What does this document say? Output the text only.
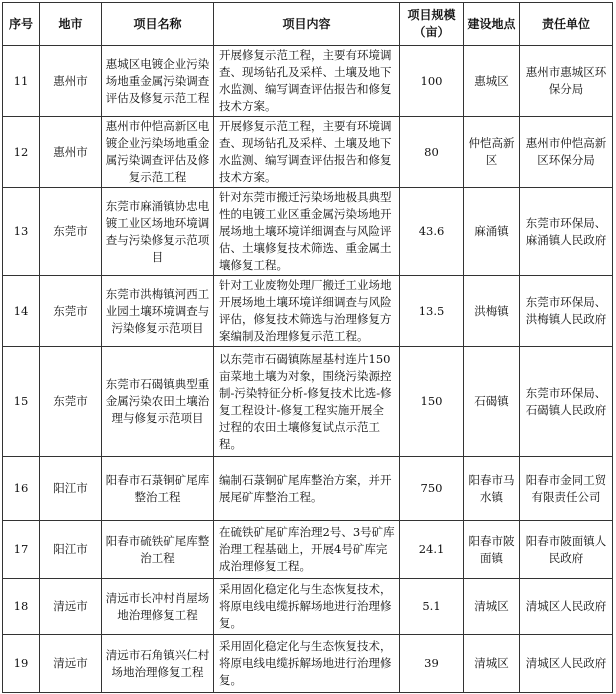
序号	地市	项目名称	项目内容	项目规模（亩）	建设地点	责任单位
11	惠州市	惠城区电镀企业污染场地重金属污染调查评估及修复示范工程	开展修复示范工程，主要有环境调查、现场钻孔及采样、土壤及地下水监测、编写调查评估报告和修复技术方案。	100	惠城区	惠州市惠城区环保分局
12	惠州市	惠州市仲恺高新区电镀企业污染场地重金属污染调查评估及修复示范工程	开展修复示范工程，主要有环境调查、现场钻孔及采样、土壤及地下水监测、编写调查评估报告和修复技术方案。	80	仲恺高新区	惠州市仲恺高新区环保分局
13	东莞市	东莞市麻涌镇协忠电镀工业区场地环境调查与污染修复示范项目	针对东莞市搬迁污染场地极具典型性的电镀工业区重金属污染场地开展场地土壤环境详细调查与风险评估、土壤修复技术筛选、重金属土壤修复工程。	43.6	麻涌镇	东莞市环保局、麻涌镇人民政府
14	东莞市	东莞市洪梅镇河西工业园土壤环境调查与污染修复示范项目	针对工业废物处理厂搬迁工业场地开展场地土壤环境详细调查与风险评估，修复技术筛选与治理修复方案编制及治理修复示范工程。	13.5	洪梅镇	东莞市环保局、洪梅镇人民政府
15	东莞市	东莞市石碣镇典型重金属污染农田土壤治理与修复示范项目	以东莞市石碣镇陈屋基村连片150亩菜地土壤为对象，围绕污染源控制-污染特征分析-修复技术比选-修复工程设计-修复工程实施开展全过程的农田土壤修复试点示范工程。	150	石碣镇	东莞市环保局、石碣镇人民政府
16	阳江市	阳春市石菉铜矿尾库整治工程	编制石菉铜矿尾库整治方案，并开展尾矿库整治工程。	750	阳春市马水镇	阳春市金同工贸有限责任公司
17	阳江市	阳春市硫铁矿尾库整治工程	在硫铁矿尾矿库治理2号、3号矿库治理工程基础上，开展4号矿库完成治理修复工程。	24.1	阳春市陂面镇	阳春市陂面镇人民政府
18	清远市	清远市长冲村肖屋场地治理修复工程	采用固化稳定化与生态恢复技术，将原电线电缆拆解场地进行治理修复。	5.1	清城区	清城区人民政府
19	清远市	清远市石角镇兴仁村场地治理修复工程	采用固化稳定化与生态恢复技术，将原电线电缆拆解场地进行治理修复。	39	清城区	清城区人民政府
